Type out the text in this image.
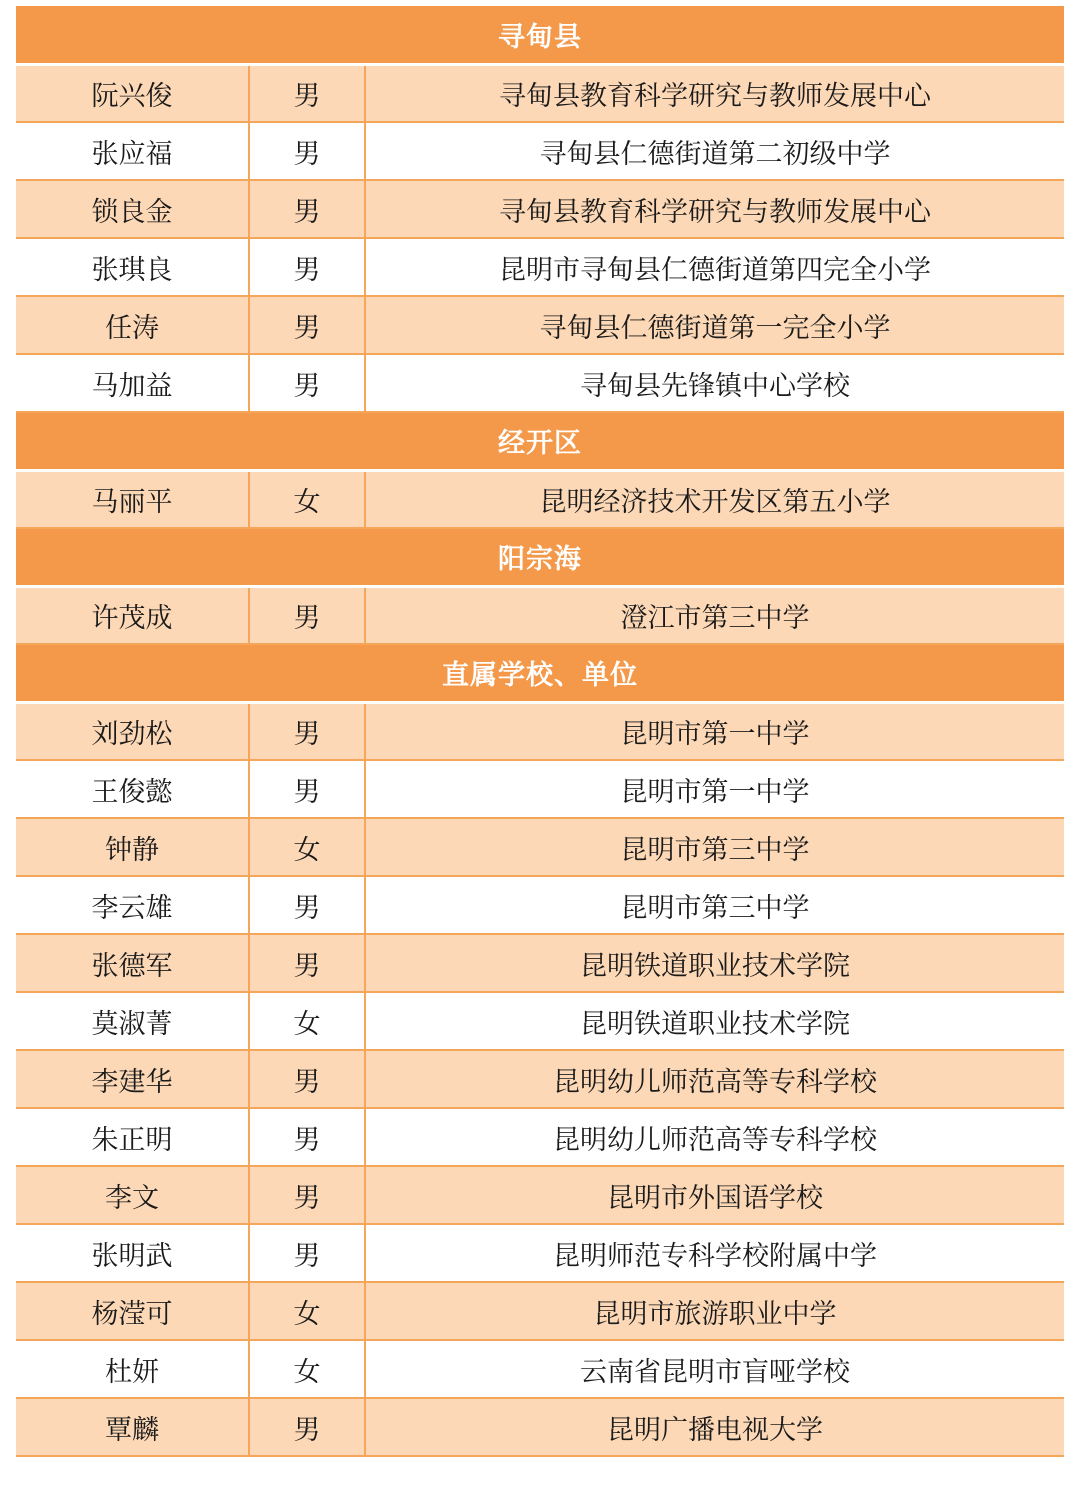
寻甸县		
阮兴俊	男	寻甸县教育科学研究与教师发展中心
张应福	男	寻甸县仁德街道第二初级中学
锁良金	男	寻甸县教育科学研究与教师发展中心
张琪良	男	昆明市寻甸县仁德街道第四完全小学
任涛	男	寻甸县仁德街道第一完全小学
马加益	男	寻甸县先锋镇中心学校
经开区		
马丽平	女	昆明经济技术开发区第五小学
阳宗海		
许茂成	男	澄江市第三中学
直属学校、单位		
刘劲松	男	昆明市第一中学
王俊懿	男	昆明市第一中学
钟静	女	昆明市第三中学
李云雄	男	昆明市第三中学
张德军	男	昆明铁道职业技术学院
莫淑菁	女	昆明铁道职业技术学院
李建华	男	昆明幼儿师范高等专科学校
朱正明	男	昆明幼儿师范高等专科学校
李文	男	昆明市外国语学校
张明武	男	昆明师范专科学校附属中学
杨滢可	女	昆明市旅游职业中学
杜妍	女	云南省昆明市盲哑学校
覃麟	男	昆明广播电视大学
